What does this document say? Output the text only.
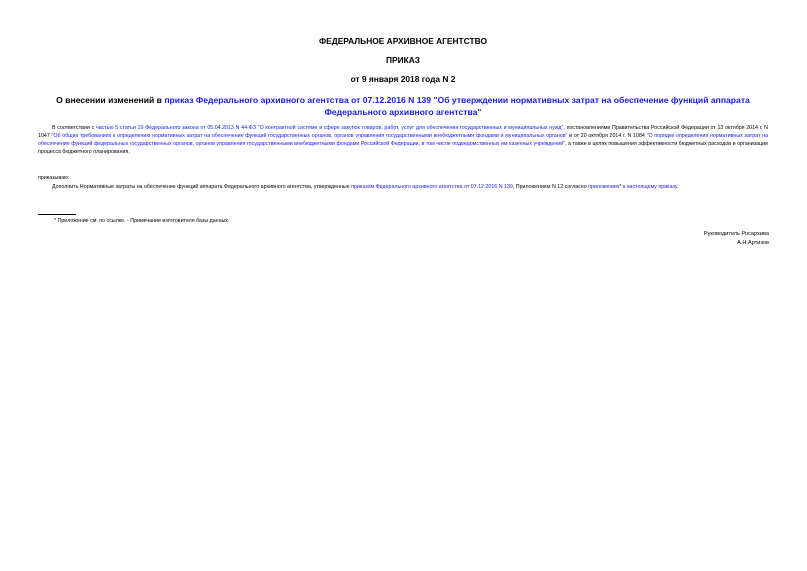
ФЕДЕРАЛЬНОЕ АРХИВНОЕ АГЕНТСТВО
ПРИКАЗ
от 9 января 2018 года N 2
О внесении изменений в приказ Федерального архивного агентства от 07.12.2016 N 139 "Об утверждении нормативных затрат на обеспечение функций аппарата Федерального архивного агентства"
В соответствии с частью 5 статьи 19 Федерального закона от 05.04.2013 N 44-ФЗ "О контрактной системе в сфере закупок товаров, работ, услуг для обеспечения государственных и муниципальных нужд", постановлениями Правительства Российской Федерации от 13 октября 2014 г. N 1047 "Об общих требованиях к определению нормативных затрат на обеспечение функций государственных органов, органов управления государственными внебюджетными фондами и муниципальных органов" и от 20 октября 2014 г. N 1084 "О порядке определения нормативных затрат на обеспечение функций федеральных государственных органов, органов управления государственными внебюджетными фондами Российской Федерации, в том числе подведомственных им казенных учреждений", а также в целях повышения эффективности бюджетных расходов и организации процесса бюджетного планирования,
приказываю:
Дополнить Нормативные затраты на обеспечение функций аппарата Федерального архивного агентства, утвержденные приказом Федерального архивного агентства от 07.12.2016 N 139, Приложением N 12 согласно приложению* к настоящему приказу.
* Приложение см. по ссылке. - Примечание изготовителя базы данных.
Руководитель Росархива
А.Н.Артизов
